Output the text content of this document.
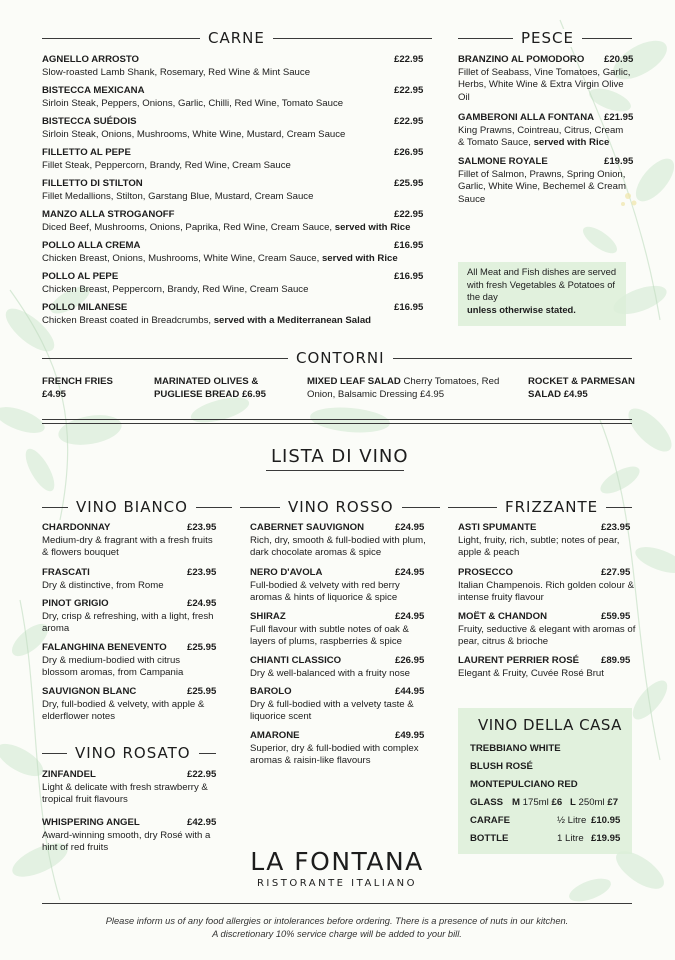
CARNE
AGNELLO ARROSTO	£22.95
Slow-roasted Lamb Shank, Rosemary, Red Wine & Mint Sauce
BISTECCA MEXICANA	£22.95
Sirloin Steak, Peppers, Onions, Garlic, Chilli, Red Wine, Tomato Sauce
BISTECCA SUÉDOIS	£22.95
Sirloin Steak, Onions, Mushrooms, White Wine, Mustard, Cream Sauce
FILLETTO AL PEPE	£26.95
Fillet Steak, Peppercorn, Brandy, Red Wine, Cream Sauce
FILLETTO DI STILTON	£25.95
Fillet Medallions, Stilton, Garstang Blue, Mustard, Cream Sauce
MANZO ALLA STROGANOFF	£22.95
Diced Beef, Mushrooms, Onions, Paprika, Red Wine, Cream Sauce, served with Rice
POLLO ALLA CREMA	£16.95
Chicken Breast, Onions, Mushrooms, White Wine, Cream Sauce, served with Rice
POLLO AL PEPE	£16.95
Chicken Breast, Peppercorn, Brandy, Red Wine, Cream Sauce
POLLO MILANESE	£16.95
Chicken Breast coated in Breadcrumbs, served with a Mediterranean Salad
PESCE
BRANZINO AL POMODORO £20.95
Fillet of Seabass, Vine Tomatoes, Garlic, Herbs, White Wine & Extra Virgin Olive Oil
GAMBERONI ALLA FONTANA £21.95
King Prawns, Cointreau, Citrus, Cream & Tomato Sauce, served with Rice
SALMONE ROYALE	£19.95
Fillet of Salmon, Prawns, Spring Onion, Garlic, White Wine, Bechemel & Cream Sauce
All Meat and Fish dishes are served with fresh Vegetables & Potatoes of the day
unless otherwise stated.
CONTORNI
FRENCH FRIES
£4.95
MARINATED OLIVES &
PUGLIESE BREAD £6.95
MIXED LEAF SALAD Cherry Tomatoes, Red Onion, Balsamic Dressing £4.95
ROCKET & PARMESAN
SALAD £4.95
LISTA DI VINO
VINO BIANCO
CHARDONNAY	£23.95
Medium-dry & fragrant with a fresh fruits & flowers bouquet
FRASCATI	£23.95
Dry & distinctive, from Rome
PINOT GRIGIO	£24.95
Dry, crisp & refreshing, with a light, fresh aroma
FALANGHINA BENEVENTO £25.95
Dry & medium-bodied with citrus blossom aromas, from Campania
SAUVIGNON BLANC	£25.95
Dry, full-bodied & velvety, with apple & elderflower notes
VINO ROSATO
ZINFANDEL	£22.95
Light & delicate with fresh strawberry & tropical fruit flavours
WHISPERING ANGEL	£42.95
Award-winning smooth, dry Rosé with a hint of red fruits
VINO ROSSO
CABERNET SAUVIGNON	£24.95
Rich, dry, smooth & full-bodied with plum, dark chocolate aromas & spice
NERO D'AVOLA	£24.95
Full-bodied & velvety with red berry aromas & hints of liquorice & spice
SHIRAZ	£24.95
Full flavour with subtle notes of oak & layers of plums, raspberries & spice
CHIANTI CLASSICO	£26.95
Dry & well-balanced with a fruity nose
BAROLO	£44.95
Dry & full-bodied with a velvety taste & liquorice scent
AMARONE	£49.95
Superior, dry & full-bodied with complex aromas & raisin-like flavours
FRIZZANTE
ASTI SPUMANTE	£23.95
Light, fruity, rich, subtle; notes of pear, apple & peach
PROSECCO	£27.95
Italian Champenois. Rich golden colour & intense fruity flavour
MOËT & CHANDON	£59.95
Fruity, seductive & elegant with aromas of pear, citrus & brioche
LAURENT PERRIER ROSÉ £89.95
Elegant & Fruity, Cuvée Rosé Brut
VINO DELLA CASA
TREBBIANO WHITE
BLUSH ROSÉ
MONTEPULCIANO RED
GLASS M 175ml £6 L 250ml £7
CARAFE	½ Litre £10.95
BOTTLE	1 Litre £19.95
LA FONTANA
RISTORANTE ITALIANO
Please inform us of any food allergies or intolerances before ordering. There is a presence of nuts in our kitchen.
A discretionary 10% service charge will be added to your bill.
